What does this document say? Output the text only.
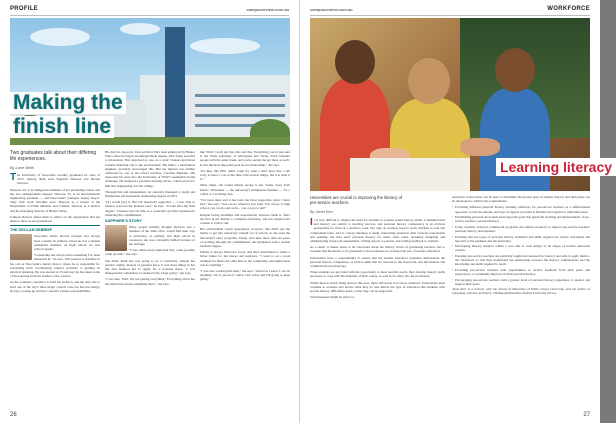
PROFILE	campusreview.com.au
Making the
finish line
Two graduates talk about their differing life experiences.
By Lane Wells

The University of Newcastle recently graduated its class of 2015. Among them were Sapphire Dawson and Declan Dawson.

Dawson, 26, is an Indigenous member of her graduating cohort and has two undergraduate degrees. Dawson, 25, is an environmental engineering graduate — and Newcastle's youngest deputy mayor. They both work full-time now: Dawson as a lawyer at the Department of Prime Minister and Cabinet; Dawson as a mentor and the managing director of Hunter Water.

Campus Review asked them to reflect on the experiences that led them to their recent graduations.

THE DECLAN DEBRIEF

Newcastle native Declan Clausen had always been a leader. In primary school he was a student parliament member. At high school, he was school captain.

"Leadership has always been something I've been interested in," he says. This passion is manifest in his role as Newcastle's deputy mayor, where he is responsible for everything from coordinating cultural activities to guiding its physical planning. He was elected at 23 and says he has taken some of the learning from his studies to the council.

As the youngest councillor to hold his position, and the only one to hold one of the city's three major council roles, he has the energy, he says, to keep up with the council's various responsibilities.

His dad job, however, lives political. He's been employed by Hunter Water since he began an undergraduate degree, after being awarded a scholarship. This surprised no one, as a static Clausen gravitated towards tinkering and to the environment. His father, a mechanical engineer, probably encouraged this. But the interest was further cultivated by one of his school teachers, Caroline Hopkins. She supported his entry into the University of NSW's sustainable living challenge. He designed a parabolic heating device, which proved to him that engineering was his calling.

Through this and management, he currently managed to study and finished his environmental engineering degree in 2015.

"[It] would [be] it. But I'm massively upgraded — I was able to balance it and do my honours year," he says. "It went after my final degree." Clausen says his time as a councillor got him organised in balancing his commitments.

SAPPHIRE'S STORY

Many people initially thought Dawson was a member of the Tuilo tribe, would find their way to university, as primary and high school in Cessnock, she was constantly bullied because of her heritage.

"I was called every name that they could possibly come up with," she says.

She didn't think she was going to go to university, despite her parents' urging. Instead of parental force, it was these things in her life that inspired her to apply for a position there. "I was disappointed; sometimes I wondered why I kept going," she says.

"I was like, 'Well, I'm not getting everything.' Everything about her life must have meant something more," she says.

like 'Well, I don't get this, this and this. Everything you've just said is the Youle paintings of Aboriginal and Torres Strait Islander people with the same brush, and you're seeing me get there as well.' It was the most important goal in our relationship," she says.

"It's like, 'My HSC didn't count for what I don't have that. I am sorry to know I was at the time I felt several things, but it is what it is.'"

Other times, she would simply escape to her "home away from home", Wollotuka — the university's Indigenous institute — for a coffee or a soothing chat.

"I've been there and it has been the most supportive place I have had," she says. "You can do whatever you want. You can go to high school, you can go and work... you can go to uni!"

Despite facing hardships and expectations, Dawson made it. She's the first in the family to complete university, and has inspired her cousins to follow suit.

Her achievement wasn't guaranteed, however. She didn't get the marks to get into university straight out of school, so she used the university's entry programs, Yapug. And after more than ten years of working through her commitments, she graduated with a double bachelor degree.

Family is always Dawson's focus, and she's determined to make a better future for her nieces and nephews. "I want to set a good example for them and other kids in the community. Aboriginal kids can do anything."

"I was also working full-time," she says. "And now I know I can do anything. I'm so proud of where I am today and I'm going to keep going."

26
campusreview.com.au	WORKFORCE
Learning literacy
Universities are crucial to improving the literacy of pre-service teachers.
By Janet Kerr

It is very difficult to dispute the need for teachers to possess sound literacy skills. Communication and literacy are central to teaching success, and personal literacy competency is an obvious prerequisite for most of a teacher's work. Not only do teachers need to teach children to read and comprehend texts, and to convey meaning to them, interesting sentences with accurate punctuation and spelling, but they need personal literacy for many other tasks, including designing and administering classroom assessments, writing reports to parents, and writing feedback to students.

As a result, it makes sense to be concerned about the literacy levels of graduating teachers and to consider that the means to be graduated to the profession as an important part of teacher education.

Universities have a responsibility to ensure that the teacher education graduates demonstrate the personal literacy competency, as well as skills that are relevant to the classroom, and information and communication technology.

When students are provided with the opportunity to meet specific needs, they develop literacy skills necessary to cope with the demands of their course, as well as for entry into the profession.

Whilst there is much being done in this area, there still needs to be more achieved. Universities must continue to evaluate and review what they do and deliver the type of education that students with proven literacy difficulties need, so that they can be supported.

Such measures might be given to:

education course these can be used to determine the precise gaps in student literacy and then plans can be developed to address the requirements.

• Providing different personal literacy learning pathways for pre-service teachers as a differentiated approach, so that the amount and type of support provided is flexible and targeted to individual need.
• Establishing personal short-term and long-term goals that guide the teaching and measurement of pre-service teachers' personal literacy.
• Using carefully selected commercial programs and online resources to support pre-service teachers' personal literacy development.
• Ensuring that the types of personal literacy standards and skills targeted are clearly articulated and reported to the graduate and the university.
• Developing literacy subjects within a core unit of each subject at all stages of teacher education courses.
• Ensuring pre-service teachers are explicitly taught and assessed for literacy and able to apply them to the classroom, so that they understand the relationship between the literacy competencies and the knowledge and skills required to teach.
• Providing pre-service teachers with opportunities to receive feedback from their peers and supervisors, to continually improve on their personal literacy.
• Encouraging pre-service teachers with a greater level of personal literacy experience to mentor and support their peers.

Janet Kerr is a lecturer with the School of Education at Edith Cowan University, and the author of Language, Literacy and Early Childhood Education (Oxford University Press).

27
